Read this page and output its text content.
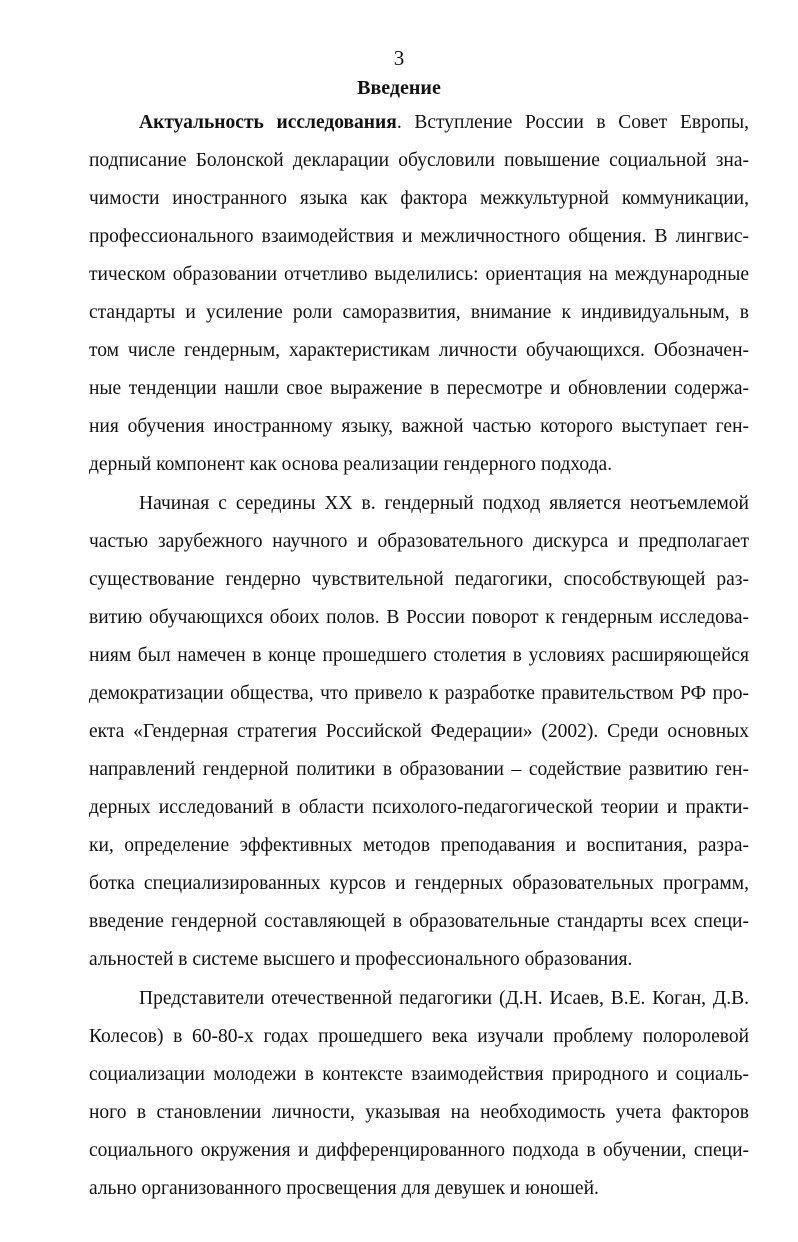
3
Введение
Актуальность исследования. Вступление России в Совет Европы,
подписание Болонской декларации обусловили повышение социальной зна-
чимости иностранного языка как фактора межкультурной коммуникации,
профессионального взаимодействия и межличностного общения. В лингвис-
тическом образовании отчетливо выделились: ориентация на международные
стандарты и усиление роли саморазвития, внимание к индивидуальным, в
том числе гендерным, характеристикам личности обучающихся. Обозначен-
ные тенденции нашли свое выражение в пересмотре и обновлении содержа-
ния обучения иностранному языку, важной частью которого выступает ген-
дерный компонент как основа реализации гендерного подхода.
Начиная с середины XX в. гендерный подход является неотъемлемой
частью зарубежного научного и образовательного дискурса и предполагает
существование гендерно чувствительной педагогики, способствующей раз-
витию обучающихся обоих полов. В России поворот к гендерным исследова-
ниям был намечен в конце прошедшего столетия в условиях расширяющейся
демократизации общества, что привело к разработке правительством РФ про-
екта «Гендерная стратегия Российской Федерации» (2002). Среди основных
направлений гендерной политики в образовании – содействие развитию ген-
дерных исследований в области психолого-педагогической теории и практи-
ки, определение эффективных методов преподавания и воспитания, разра-
ботка специализированных курсов и гендерных образовательных программ,
введение гендерной составляющей в образовательные стандарты всех специ-
альностей в системе высшего и профессионального образования.
Представители отечественной педагогики (Д.Н. Исаев, В.Е. Коган, Д.В.
Колесов) в 60-80-х годах прошедшего века изучали проблему полоролевой
социализации молодежи в контексте взаимодействия природного и социаль-
ного в становлении личности, указывая на необходимость учета факторов
социального окружения и дифференцированного подхода в обучении, специ-
ально организованного просвещения для девушек и юношей.
